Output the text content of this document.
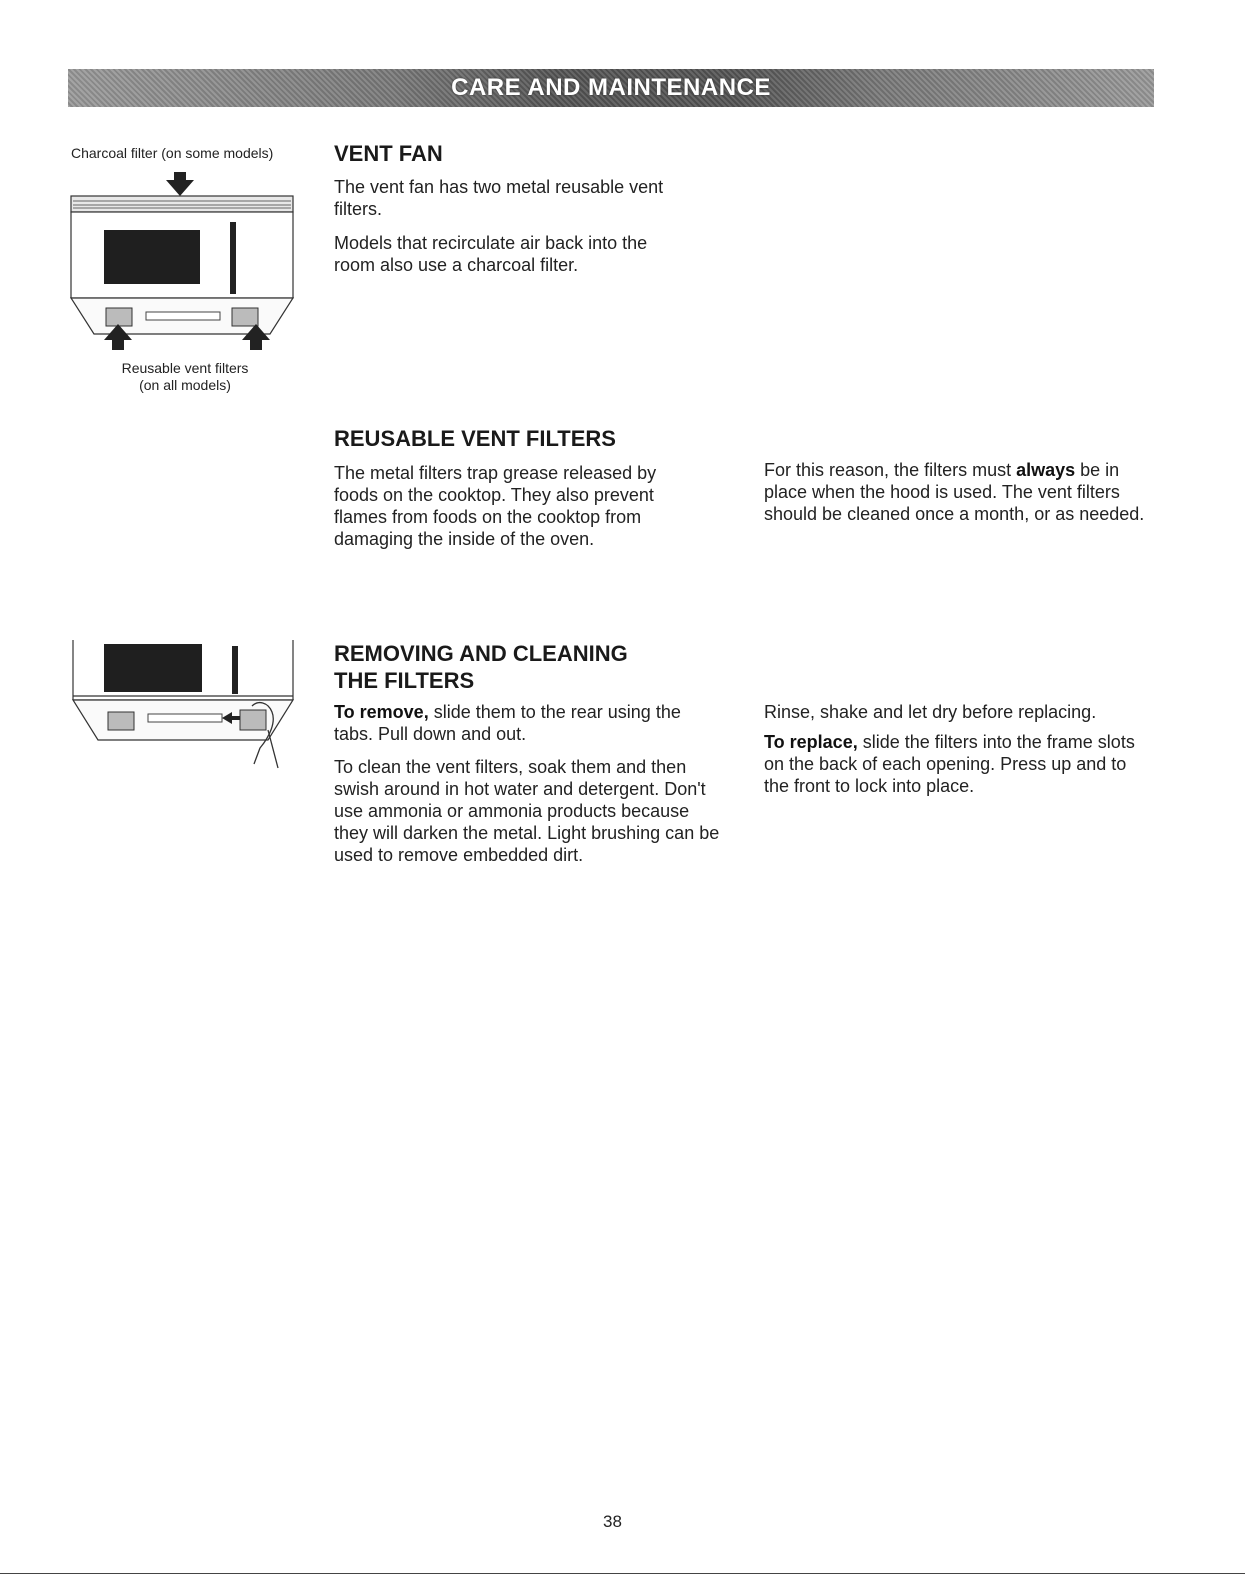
CARE AND MAINTENANCE
Charcoal filter (on some models)
Reusable vent filters
(on all models)
VENT FAN

The vent fan has two metal reusable vent filters.

Models that recirculate air back into the room also use a charcoal filter.

REUSABLE VENT FILTERS

The metal filters trap grease released by foods on the cooktop. They also prevent flames from foods on the cooktop from damaging the inside of the oven.

For this reason, the filters must always be in place when the hood is used. The vent filters should be cleaned once a month, or as needed.

REMOVING AND CLEANING
THE FILTERS

To remove, slide them to the rear using the tabs. Pull down and out.

To clean the vent filters, soak them and then swish around in hot water and detergent. Don't use ammonia or ammonia products because they will darken the metal. Light brushing can be used to remove embedded dirt.

Rinse, shake and let dry before replacing.

To replace, slide the filters into the frame slots on the back of each opening. Press up and to the front to lock into place.

38
